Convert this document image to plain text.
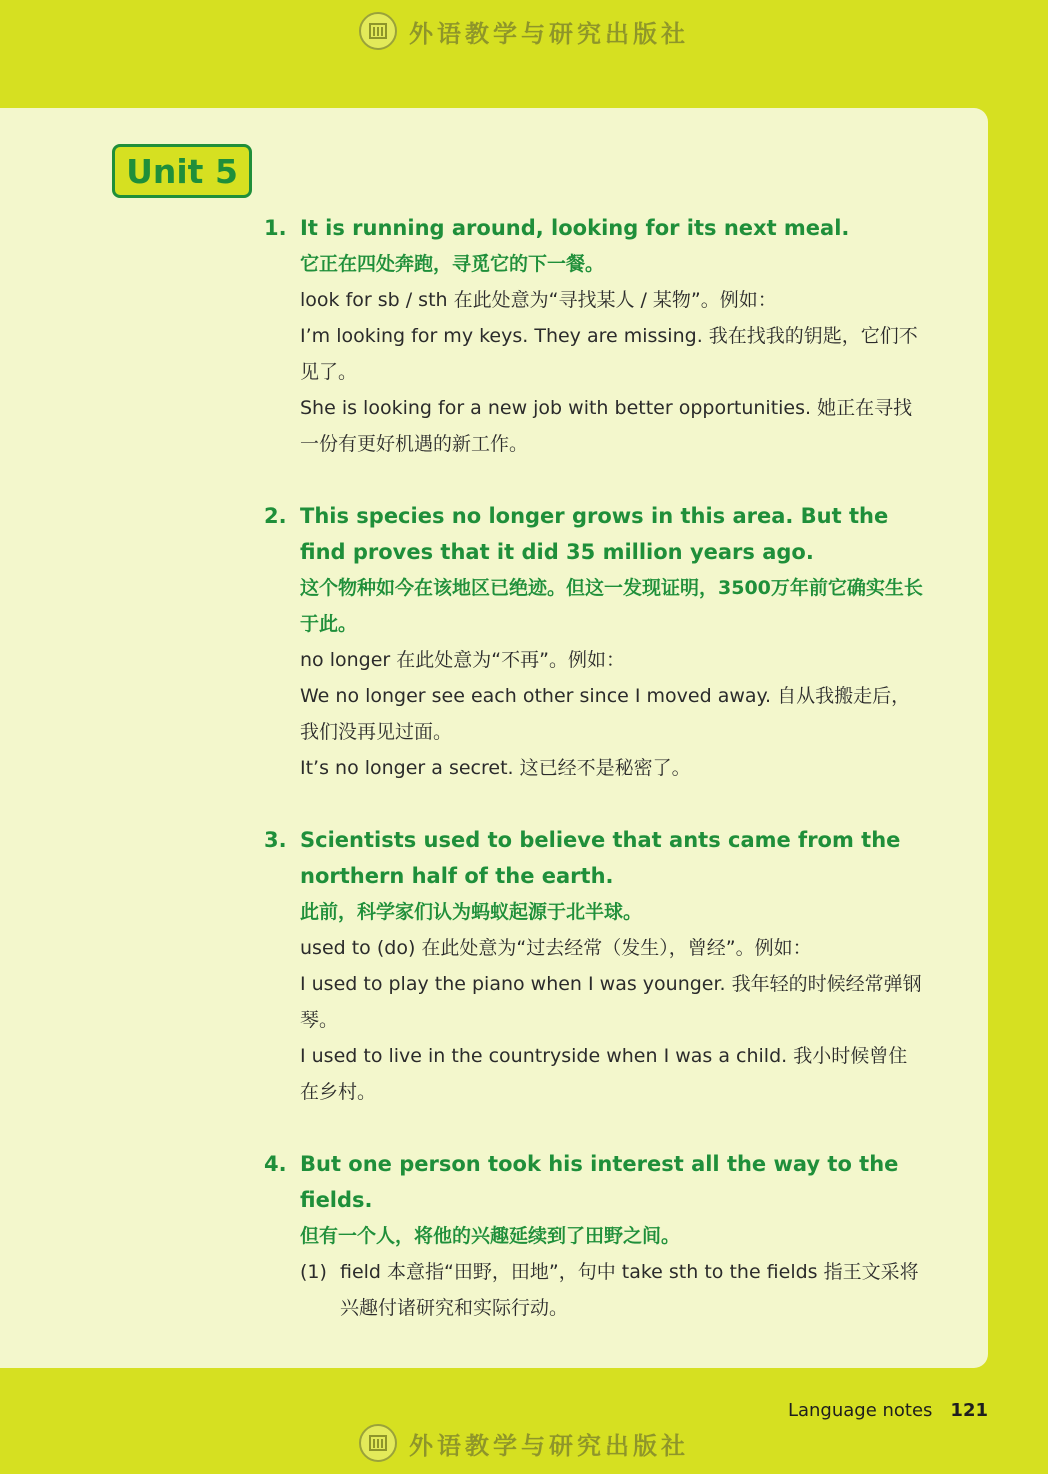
外语教学与研究出版社
Unit 5
1. It is running around, looking for its next meal.

它正在四处奔跑，寻觅它的下一餐。

look for sb / sth 在此处意为“寻找某人 / 某物”。例如：

I’m looking for my keys. They are missing. 我在找我的钥匙，它们不见了。

She is looking for a new job with better opportunities. 她正在寻找一份有更好机遇的新工作。

2. This species no longer grows in this area. But the find proves that it did 35 million years ago.

这个物种如今在该地区已绝迹。但这一发现证明，3500万年前它确实生长于此。

no longer 在此处意为“不再”。例如：

We no longer see each other since I moved away. 自从我搬走后，我们没再见过面。

It’s no longer a secret. 这已经不是秘密了。

3. Scientists used to believe that ants came from the northern half of the earth.

此前，科学家们认为蚂蚁起源于北半球。

used to (do) 在此处意为“过去经常（发生），曾经”。例如：

I used to play the piano when I was younger. 我年轻的时候经常弹钢琴。

I used to live in the countryside when I was a child. 我小时候曾住在乡村。

4. But one person took his interest all the way to the fields.

但有一个人，将他的兴趣延续到了田野之间。

(1) field 本意指“田野，田地”，句中 take sth to the fields 指王文采将兴趣付诸研究和实际行动。
Language notes 121
外语教学与研究出版社
